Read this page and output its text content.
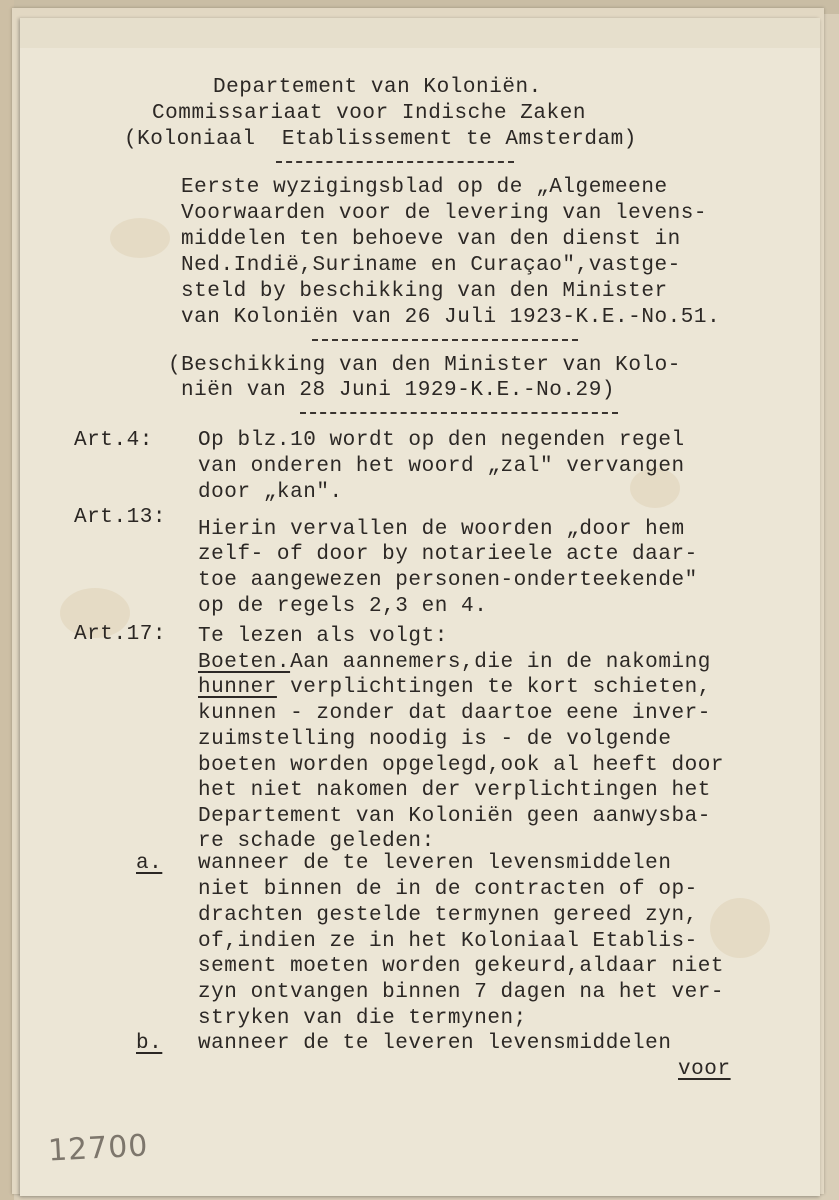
Departement van Koloniën.
Commissariaat voor Indische Zaken
(Koloniaal  Etablissement te Amsterdam)
Eerste wyzigingsblad op de „Algemeene
Voorwaarden voor de levering van levens-
middelen ten behoeve van den dienst in
Ned.Indië,Suriname en Curaçao",vastge-
steld by beschikking van den Minister
van Koloniën van 26 Juli 1923-K.E.-No.51.
(Beschikking van den Minister van Kolo-
niën van 28 Juni 1929-K.E.-No.29)
Art.4: Op blz.10 wordt op den negenden regel
van onderen het woord „zal" vervangen
door „kan".
Art.13:
Hierin vervallen de woorden „door hem
zelf- of door by notarieele acte daar-
toe aangewezen personen-onderteekende"
op de regels 2,3 en 4.
Art.17: Te lezen als volgt:
Boeten.Aan aannemers,die in de nakoming
hunner verplichtingen te kort schieten,
kunnen - zonder dat daartoe eene inver-
zuimstelling noodig is - de volgende
boeten worden opgelegd,ook al heeft door
het niet nakomen der verplichtingen het
Departement van Koloniën geen aanwysba-
re schade geleden:
a. wanneer de te leveren levensmiddelen
niet binnen de in de contracten of op-
drachten gestelde termynen gereed zyn,
of,indien ze in het Koloniaal Etablis-
sement moeten worden gekeurd,aldaar niet
zyn ontvangen binnen 7 dagen na het ver-
stryken van die termynen;
b. wanneer de te leveren levensmiddelen
voor
12700
